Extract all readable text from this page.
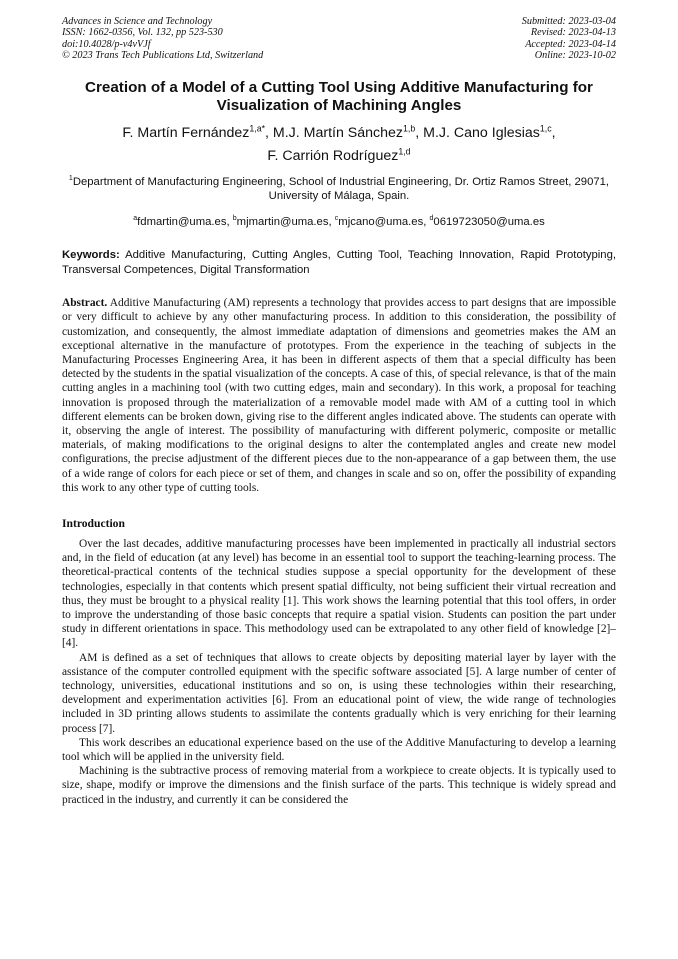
Advances in Science and Technology
ISSN: 1662-0356, Vol. 132, pp 523-530
doi:10.4028/p-v4vVJf
© 2023 Trans Tech Publications Ltd, Switzerland
Submitted: 2023-03-04
Revised: 2023-04-13
Accepted: 2023-04-14
Online: 2023-10-02
Creation of a Model of a Cutting Tool Using Additive Manufacturing for Visualization of Machining Angles
F. Martín Fernández$^{1,a*}$, M.J. Martín Sánchez$^{1,b}$, M.J. Cano Iglesias$^{1,c}$,
F. Carrión Rodríguez$^{1,d}$
$^1$Department of Manufacturing Engineering, School of Industrial Engineering, Dr. Ortiz Ramos Street, 29071, University of Málaga, Spain.
$^a$fdmartin@uma.es, $^b$mjmartin@uma.es, $^c$mjcano@uma.es, $^d$0619723050@uma.es
Keywords: Additive Manufacturing, Cutting Angles, Cutting Tool, Teaching Innovation, Rapid Prototyping, Transversal Competences, Digital Transformation
Abstract. Additive Manufacturing (AM) represents a technology that provides access to part designs that are impossible or very difficult to achieve by any other manufacturing process. In addition to this consideration, the possibility of customization, and consequently, the almost immediate adaptation of dimensions and geometries makes the AM an exceptional alternative in the manufacture of prototypes. From the experience in the teaching of subjects in the Manufacturing Processes Engineering Area, it has been in different aspects of them that a special difficulty has been detected by the students in the spatial visualization of the concepts. A case of this, of special relevance, is that of the main cutting angles in a machining tool (with two cutting edges, main and secondary). In this work, a proposal for teaching innovation is proposed through the materialization of a removable model made with AM of a cutting tool in which different elements can be broken down, giving rise to the different angles indicated above. The students can operate with it, observing the angle of interest. The possibility of manufacturing with different polymeric, composite or metallic materials, of making modifications to the original designs to alter the contemplated angles and create new model configurations, the precise adjustment of the different pieces due to the non-appearance of a gap between them, the use of a wide range of colors for each piece or set of them, and changes in scale and so on, offer the possibility of expanding this work to any other type of cutting tools.
Introduction

Over the last decades, additive manufacturing processes have been implemented in practically all industrial sectors and, in the field of education (at any level) has become in an essential tool to support the teaching-learning process. The theoretical-practical contents of the technical studies suppose a special opportunity for the development of these technologies, especially in that contents which present spatial difficulty, not being sufficient their virtual recreation and thus, they must be brought to a physical reality [1]. This work shows the learning potential that this tool offers, in order to improve the understanding of those basic concepts that require a spatial vision. Students can position the part under study in different orientations in space. This methodology used can be extrapolated to any other field of knowledge [2]–[4].

AM is defined as a set of techniques that allows to create objects by depositing material layer by layer with the assistance of the computer controlled equipment with the specific software associated [5]. A large number of center of technology, universities, educational institutions and so on, is using these technologies within their researching, development and experimentation activities [6]. From an educational point of view, the wide range of technologies included in 3D printing allows students to assimilate the contents gradually which is very enriching for their learning process [7].

This work describes an educational experience based on the use of the Additive Manufacturing to develop a learning tool which will be applied in the university field.

Machining is the subtractive process of removing material from a workpiece to create objects. It is typically used to size, shape, modify or improve the dimensions and the finish surface of the parts. This technique is widely spread and practiced in the industry, and currently it can be considered the
